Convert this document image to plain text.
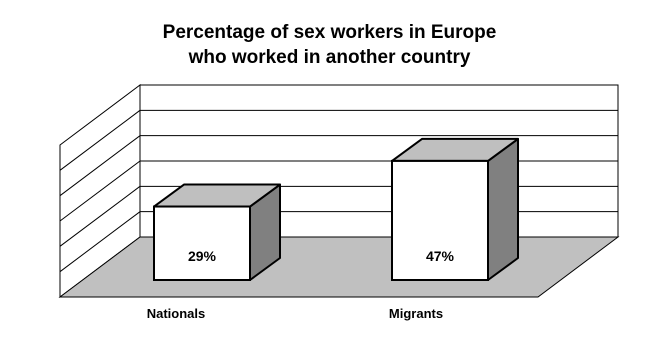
Percentage of sex workers in Europe
who worked in another country
Nationals	Migrants
29%	47%
